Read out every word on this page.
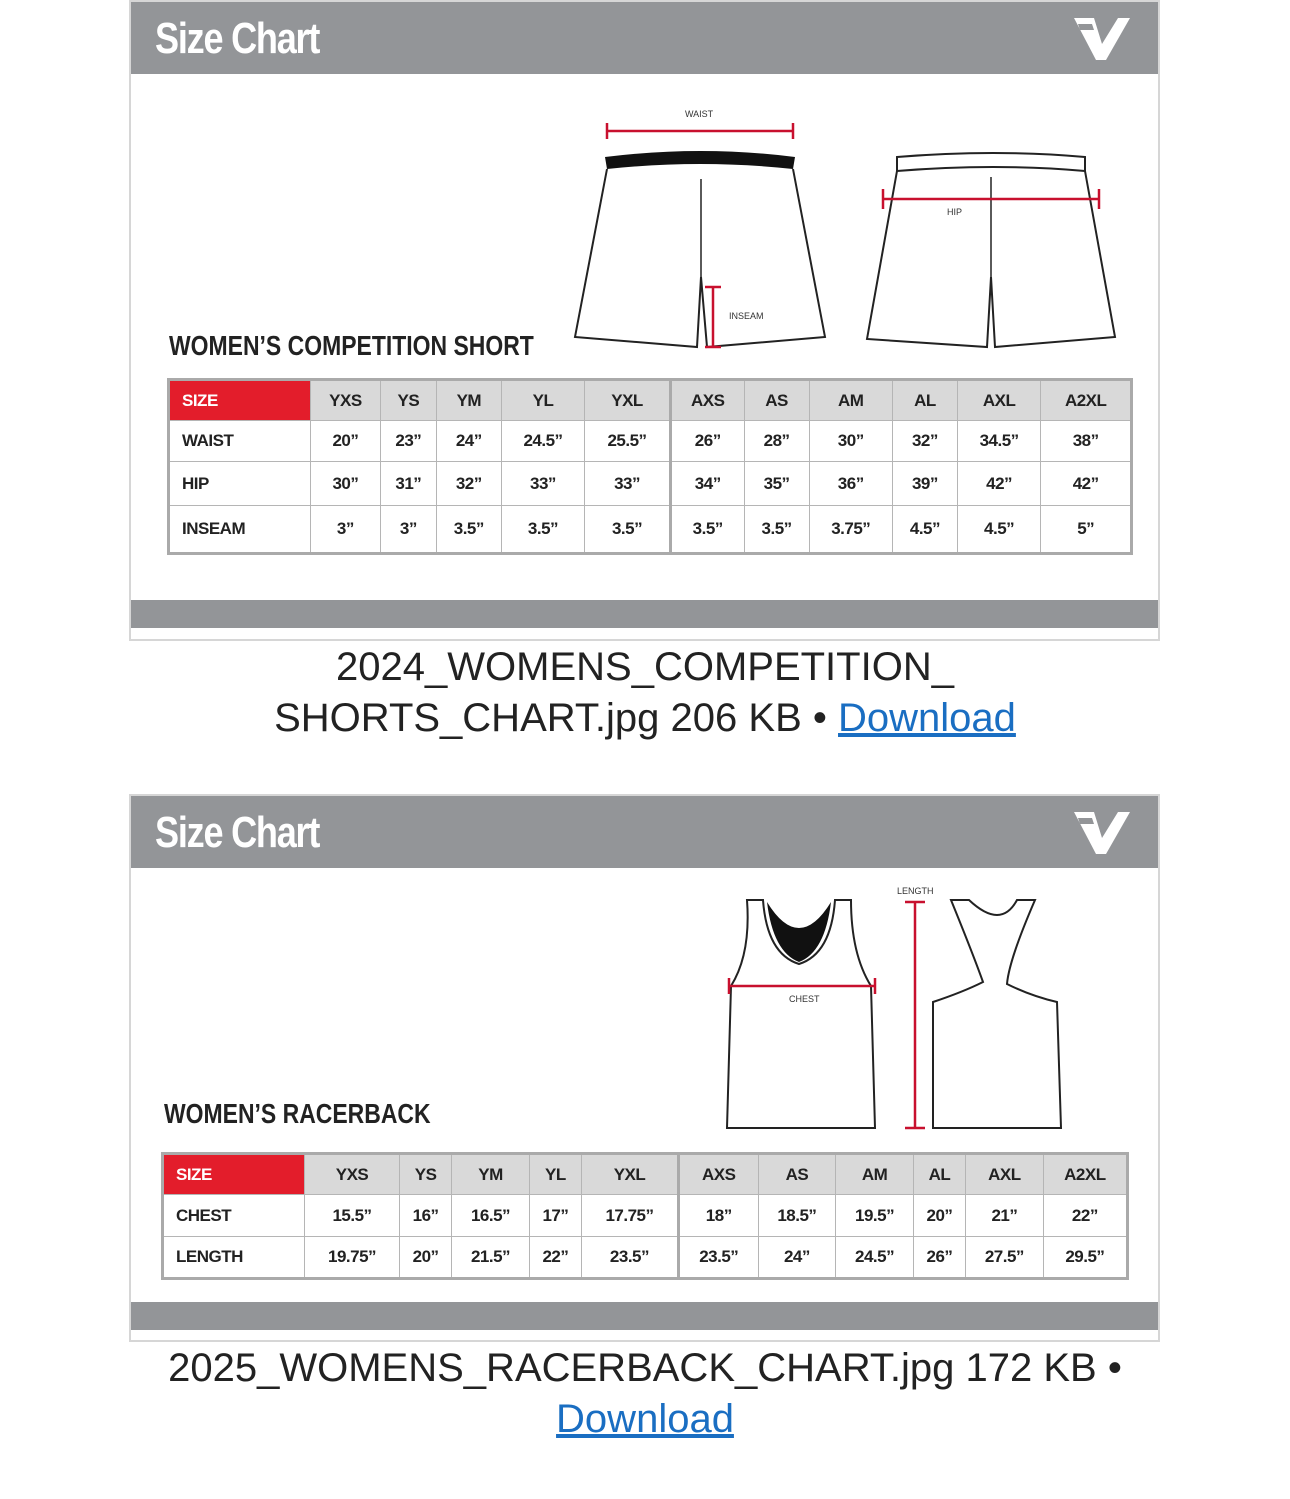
Size Chart	V
WAIST
INSEAM
HIP
WOMEN’S COMPETITION SHORT
SIZE	YXS	YS	YM	YL	YXL	AXS	AS	AM	AL	AXL	A2XL
WAIST	20”	23”	24”	24.5”	25.5”	26”	28”	30”	32”	34.5”	38”
HIP	30”	31”	32”	33”	33”	34”	35”	36”	39”	42”	42”
INSEAM	3”	3”	3.5”	3.5”	3.5”	3.5”	3.5”	3.75”	4.5”	4.5”	5”
2024_WOMENS_COMPETITION_
SHORTS_CHART.jpg 206 KB • Download
Size Chart	V
CHEST
LENGTH
WOMEN’S RACERBACK
SIZE	YXS	YS	YM	YL	YXL	AXS	AS	AM	AL	AXL	A2XL
CHEST	15.5”	16”	16.5”	17”	17.75”	18”	18.5”	19.5”	20”	21”	22”
LENGTH	19.75”	20”	21.5”	22”	23.5”	23.5”	24”	24.5”	26”	27.5”	29.5”
2025_WOMENS_RACERBACK_CHART.jpg 172 KB •
Download
